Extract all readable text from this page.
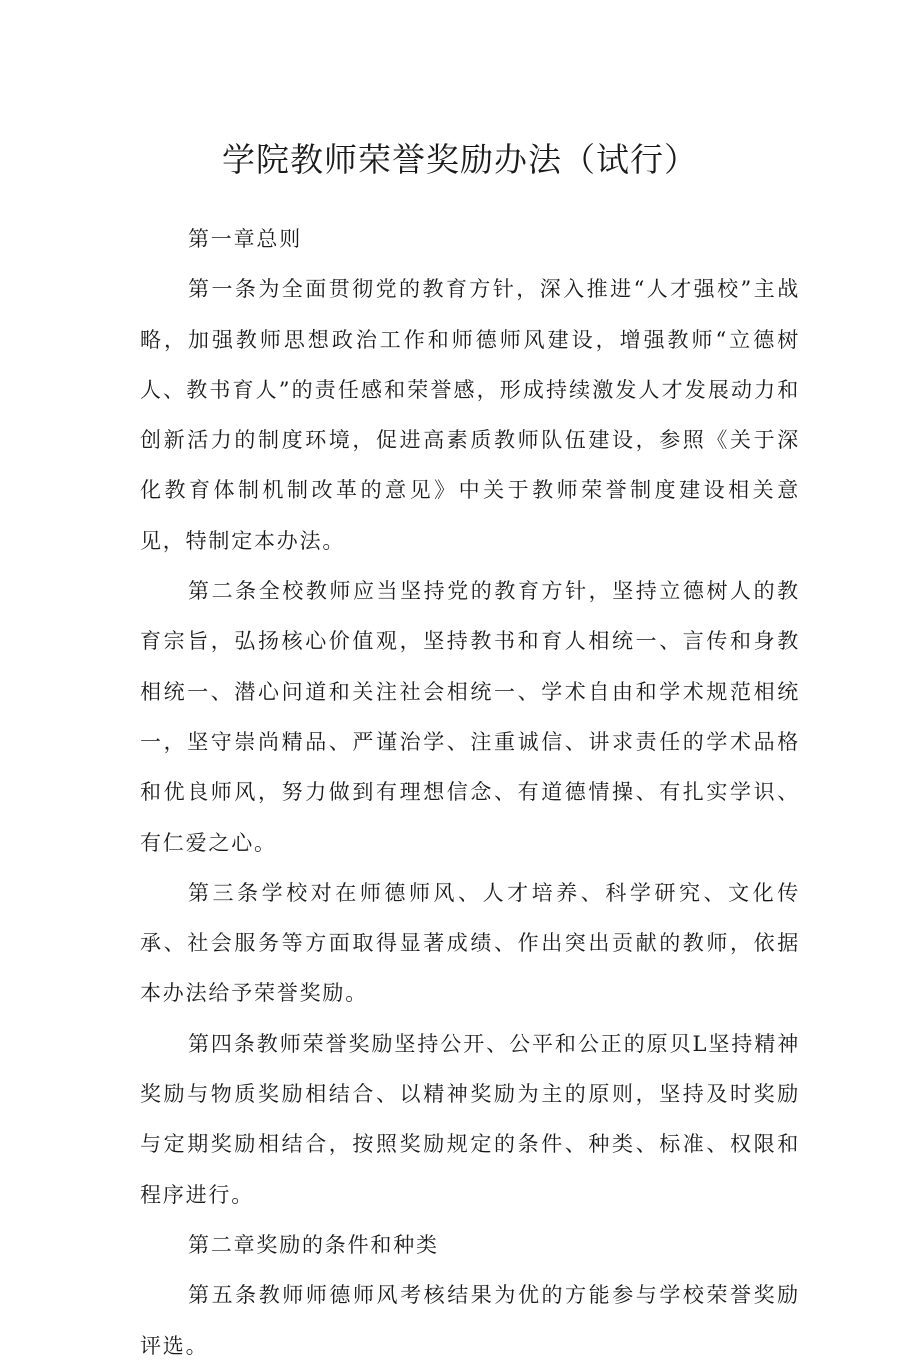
学院教师荣誉奖励办法（试行）

第一章总则

第一条为全面贯彻党的教育方针，深入推进“人才强校”主战略，加强教师思想政治工作和师德师风建设，增强教师“立德树人、教书育人”的责任感和荣誉感，形成持续激发人才发展动力和创新活力的制度环境，促进高素质教师队伍建设，参照《关于深化教育体制机制改革的意见》中关于教师荣誉制度建设相关意见，特制定本办法。

第二条全校教师应当坚持党的教育方针，坚持立德树人的教育宗旨，弘扬核心价值观，坚持教书和育人相统一、言传和身教相统一、潜心问道和关注社会相统一、学术自由和学术规范相统一，坚守崇尚精品、严谨治学、注重诚信、讲求责任的学术品格和优良师风，努力做到有理想信念、有道德情操、有扎实学识、有仁爱之心。

第三条学校对在师德师风、人才培养、科学研究、文化传承、社会服务等方面取得显著成绩、作出突出贡献的教师，依据本办法给予荣誉奖励。

第四条教师荣誉奖励坚持公开、公平和公正的原贝L坚持精神奖励与物质奖励相结合、以精神奖励为主的原则，坚持及时奖励与定期奖励相结合，按照奖励规定的条件、种类、标准、权限和程序进行。

第二章奖励的条件和种类

第五条教师师德师风考核结果为优的方能参与学校荣誉奖励评选。
